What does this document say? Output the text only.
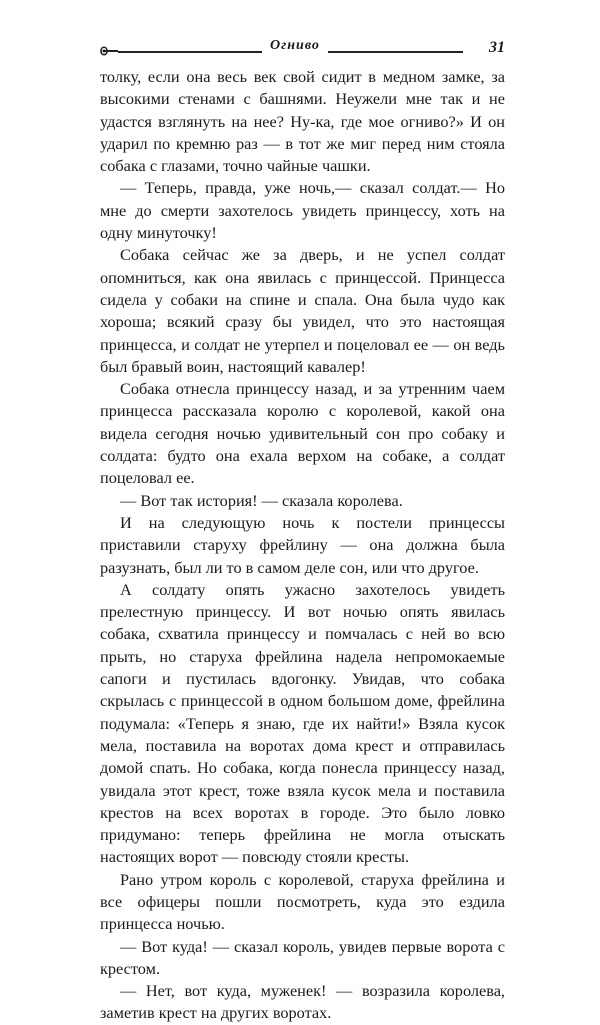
Огниво	31

толку, если она весь век свой сидит в медном замке, за высокими стенами с башнями. Неужели мне так и не удастся взглянуть на нее? Ну-ка, где мое огниво?» И он ударил по кремню раз — в тот же миг перед ним стояла собака с глазами, точно чайные чашки.

— Теперь, правда, уже ночь,— сказал солдат.— Но мне до смерти захотелось увидеть принцессу, хоть на одну минуточку!

Собака сейчас же за дверь, и не успел солдат опомниться, как она явилась с принцессой. Принцесса сидела у собаки на спине и спала. Она была чудо как хороша; всякий сразу бы увидел, что это настоящая принцесса, и солдат не утерпел и поцеловал ее — он ведь был бравый воин, настоящий кавалер!

Собака отнесла принцессу назад, и за утренним чаем принцесса рассказала королю с королевой, какой она видела сегодня ночью удивительный сон про собаку и солдата: будто она ехала верхом на собаке, а солдат поцеловал ее.

— Вот так история! — сказала королева.

И на следующую ночь к постели принцессы приставили старуху фрейлину — она должна была разузнать, был ли то в самом деле сон, или что другое.

А солдату опять ужасно захотелось увидеть прелестную принцессу. И вот ночью опять явилась собака, схватила принцессу и помчалась с ней во всю прыть, но старуха фрейлина надела непромокаемые сапоги и пустилась вдогонку. Увидав, что собака скрылась с принцессой в одном большом доме, фрейлина подумала: «Теперь я знаю, где их найти!» Взяла кусок мела, поставила на воротах дома крест и отправилась домой спать. Но собака, когда понесла принцессу назад, увидала этот крест, тоже взяла кусок мела и поставила крестов на всех воротах в городе. Это было ловко придумано: теперь фрейлина не могла отыскать настоящих ворот — повсюду стояли кресты.

Рано утром король с королевой, старуха фрейлина и все офицеры пошли посмотреть, куда это ездила принцесса ночью.

— Вот куда! — сказал король, увидев первые ворота с крестом.

— Нет, вот куда, муженек! — возразила королева, заметив крест на других воротах.
